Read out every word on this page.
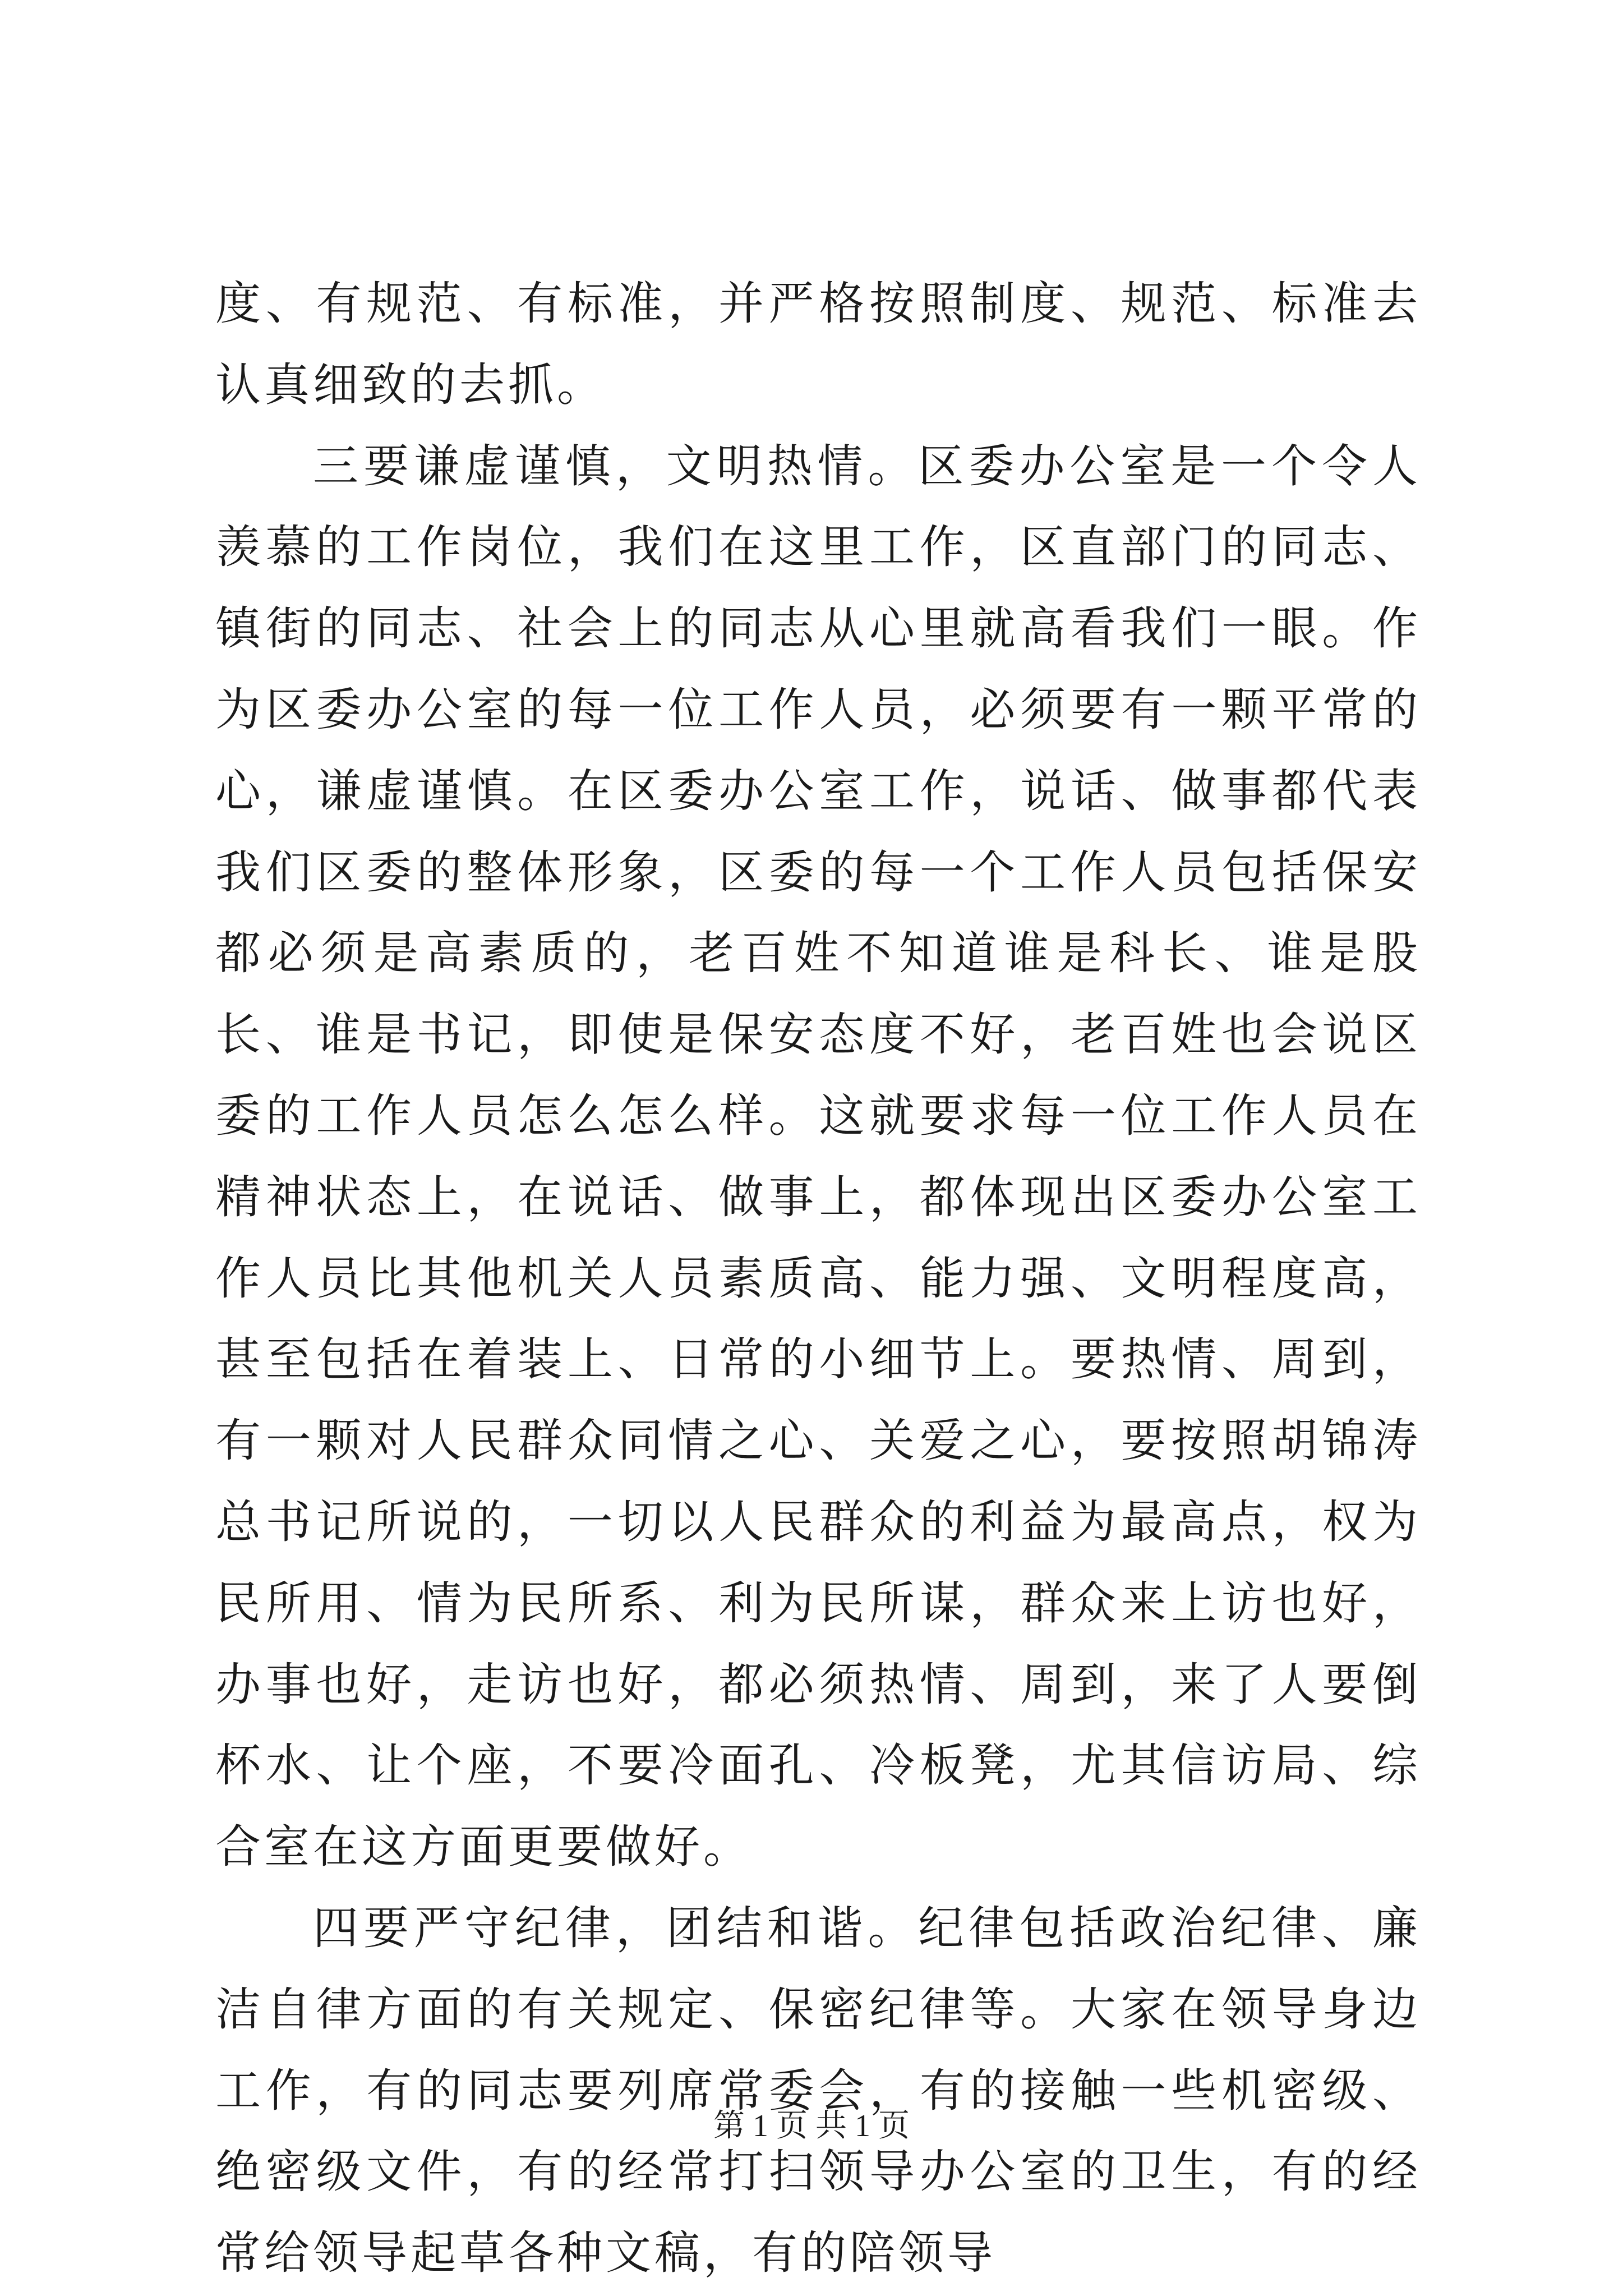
度、有规范、有标准，并严格按照制度、规范、标准去认真细致的去抓。

三要谦虚谨慎，文明热情。区委办公室是一个令人羡慕的工作岗位，我们在这里工作，区直部门的同志、镇街的同志、社会上的同志从心里就高看我们一眼。作为区委办公室的每一位工作人员，必须要有一颗平常的心，谦虚谨慎。在区委办公室工作，说话、做事都代表我们区委的整体形象，区委的每一个工作人员包括保安都必须是高素质的，老百姓不知道谁是科长、谁是股长、谁是书记，即使是保安态度不好，老百姓也会说区委的工作人员怎么怎么样。这就要求每一位工作人员在精神状态上，在说话、做事上，都体现出区委办公室工作人员比其他机关人员素质高、能力强、文明程度高，甚至包括在着装上、日常的小细节上。要热情、周到，有一颗对人民群众同情之心、关爱之心，要按照胡锦涛总书记所说的，一切以人民群众的利益为最高点，权为民所用、情为民所系、利为民所谋，群众来上访也好，办事也好，走访也好，都必须热情、周到，来了人要倒杯水、让个座，不要冷面孔、冷板凳，尤其信访局、综合室在这方面更要做好。

四要严守纪律，团结和谐。纪律包括政治纪律、廉洁自律方面的有关规定、保密纪律等。大家在领导身边工作，有的同志要列席常委会，有的接触一些机密级、绝密级文件，有的经常打扫领导办公室的卫生，有的经常给领导起草各种文稿，有的陪领导

第 1 页 共 1 页
